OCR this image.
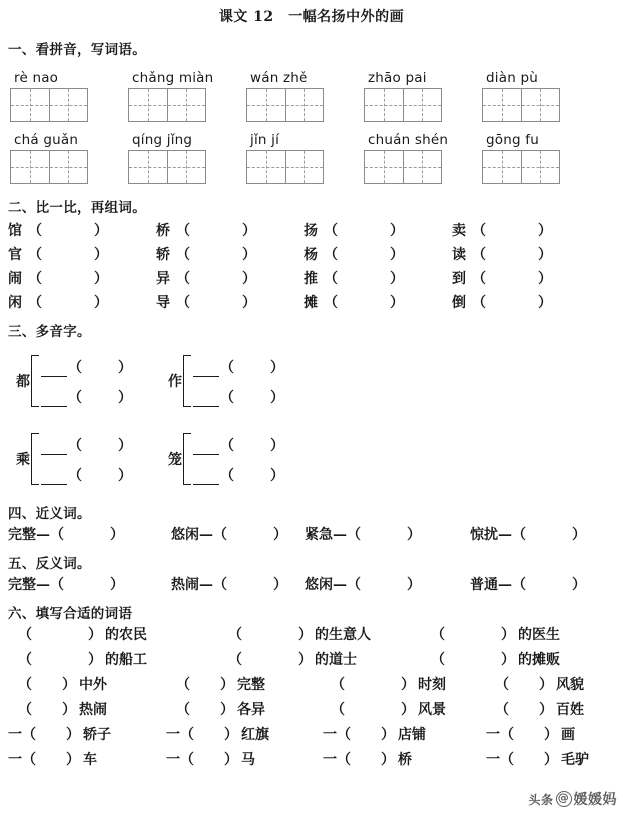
课文 12　一幅名扬中外的画
一、看拼音，写词语。
rè nao	chǎng miàn	wán zhě	zhāo pai	diàn pù
chá guǎn	qíng jǐng	jǐn jí	chuán shén	gōng fu
二、比一比，再组词。
馆 （	）	桥 （	）	扬 （	）	卖 （	）
官 （	）	轿 （	）	杨 （	）	读 （	）
闹 （	）	异 （	）	推 （	）	到 （	）
闲 （	）	导 （	）	摊 （	）	倒 （	）
三、多音字。
都
（	）
（	）
作
（	）
（	）
乘
（	）
（	）
笼
（	）
（	）
四、近义词。
完整—（	）	悠闲—（	） 紧急—（	）	惊扰—（	）
五、反义词。
完整—（	）	热闹—（	） 悠闲—（	）	普通—（	）
六、填写合适的词语
（	） 的农民	（	） 的生意人	（	） 的医生
（	） 的船工	（	） 的道士	（	） 的摊贩
（ ） 中外	（ ） 完整	（	） 时刻	（ ） 风貌
（ ） 热闹	（ ） 各异	（	） 风景	（ ） 百姓
一（ ） 轿子	一（ ） 红旗	一（ ） 店铺	一（ ） 画
一（ ） 车	一（ ） 马	一（ ） 桥	一（ ） 毛驴
头条 @ 媛媛妈
